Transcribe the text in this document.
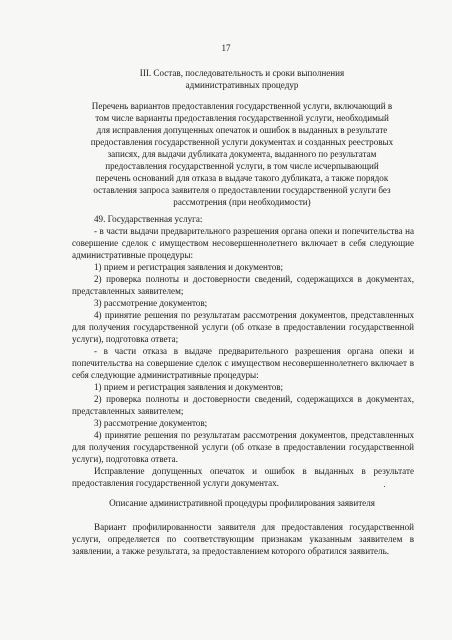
17
III. Состав, последовательность и сроки выполнения
административных процедур
Перечень вариантов предоставления государственной услуги, включающий в
том числе варианты предоставления государственной услуги, необходимый
для исправления допущенных опечаток и ошибок в выданных в результате
предоставления государственной услуги документах и созданных реестровых
записях, для выдачи дубликата документа, выданного по результатам
предоставления государственной услуги, в том числе исчерпывающий
перечень оснований для отказа в выдаче такого дубликата, а также порядок
оставления запроса заявителя о предоставлении государственной услуги без
рассмотрения (при необходимости)
49. Государственная услуга:
- в части выдачи предварительного разрешения органа опеки и попечительства на совершение сделок с имуществом несовершеннолетнего включает в себя следующие административные процедуры:
1) прием и регистрация заявления и документов;
2) проверка полноты и достоверности сведений, содержащихся в документах, представленных заявителем;
3) рассмотрение документов;
4) принятие решения по результатам рассмотрения документов, представленных для получения государственной услуги (об отказе в предоставлении государственной услуги), подготовка ответа;
- в части отказа в выдаче предварительного разрешения органа опеки и попечительства на совершение сделок с имуществом несовершеннолетнего включает в себя следующие административные процедуры:
1) прием и регистрация заявления и документов;
2) проверка полноты и достоверности сведений, содержащихся в документах, представленных заявителем;
3) рассмотрение документов;
4) принятие решения по результатам рассмотрения документов, представленных для получения государственной услуги (об отказе в предоставлении государственной услуги), подготовка ответа.
Исправление допущенных опечаток и ошибок в выданных в результате предоставления государственной услуги документах.
Описание административной процедуры профилирования заявителя
Вариант профилированности заявителя для предоставления государственной услуги, определяется по соответствующим признакам указанным заявителем в заявлении, а также результата, за предоставлением которого обратился заявитель.
